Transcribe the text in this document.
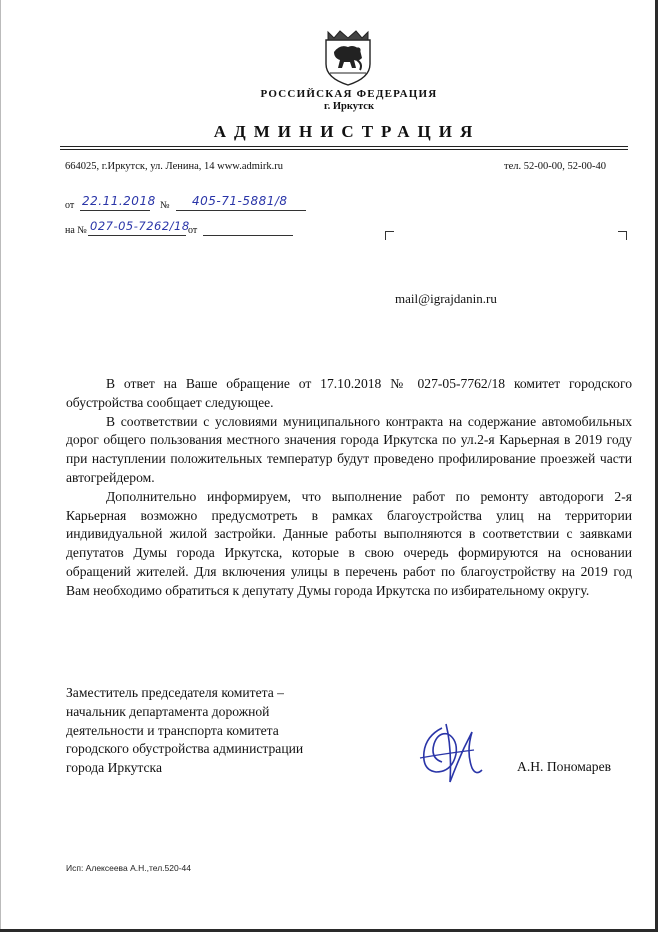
РОССИЙСКАЯ ФЕДЕРАЦИЯ
г. Иркутск
АДМИНИСТРАЦИЯ
664025, г.Иркутск, ул. Ленина, 14 www.admirk.ru	тел. 52-00-00, 52-00-40
от 22.11.2018 № 405-71-5881/8
на № 027-05-7262/18
от
mail@igrajdanin.ru

В ответ на Ваше обращение от 17.10.2018 № 027-05-7762/18 комитет городского обустройства сообщает следующее.

В соответствии с условиями муниципального контракта на содержание автомобильных дорог общего пользования местного значения города Иркутска по ул.2-я Карьерная в 2019 году при наступлении положительных температур будут проведено профилирование проезжей части автогрейдером.

Дополнительно информируем, что выполнение работ по ремонту автодороги 2-я Карьерная возможно предусмотреть в рамках благоустройства улиц на территории индивидуальной жилой застройки. Данные работы выполняются в соответствии с заявками депутатов Думы города Иркутска, которые в свою очередь формируются на основании обращений жителей. Для включения улицы в перечень работ по благоустройству на 2019 год Вам необходимо обратиться к депутату Думы города Иркутска по избирательному округу.

Заместитель председателя комитета –
начальник департамента дорожной
деятельности и транспорта комитета
городского обустройства администрации
города Иркутска	А.Н. Пономарев
Исп: Алексеева А.Н.,тел.520-44
